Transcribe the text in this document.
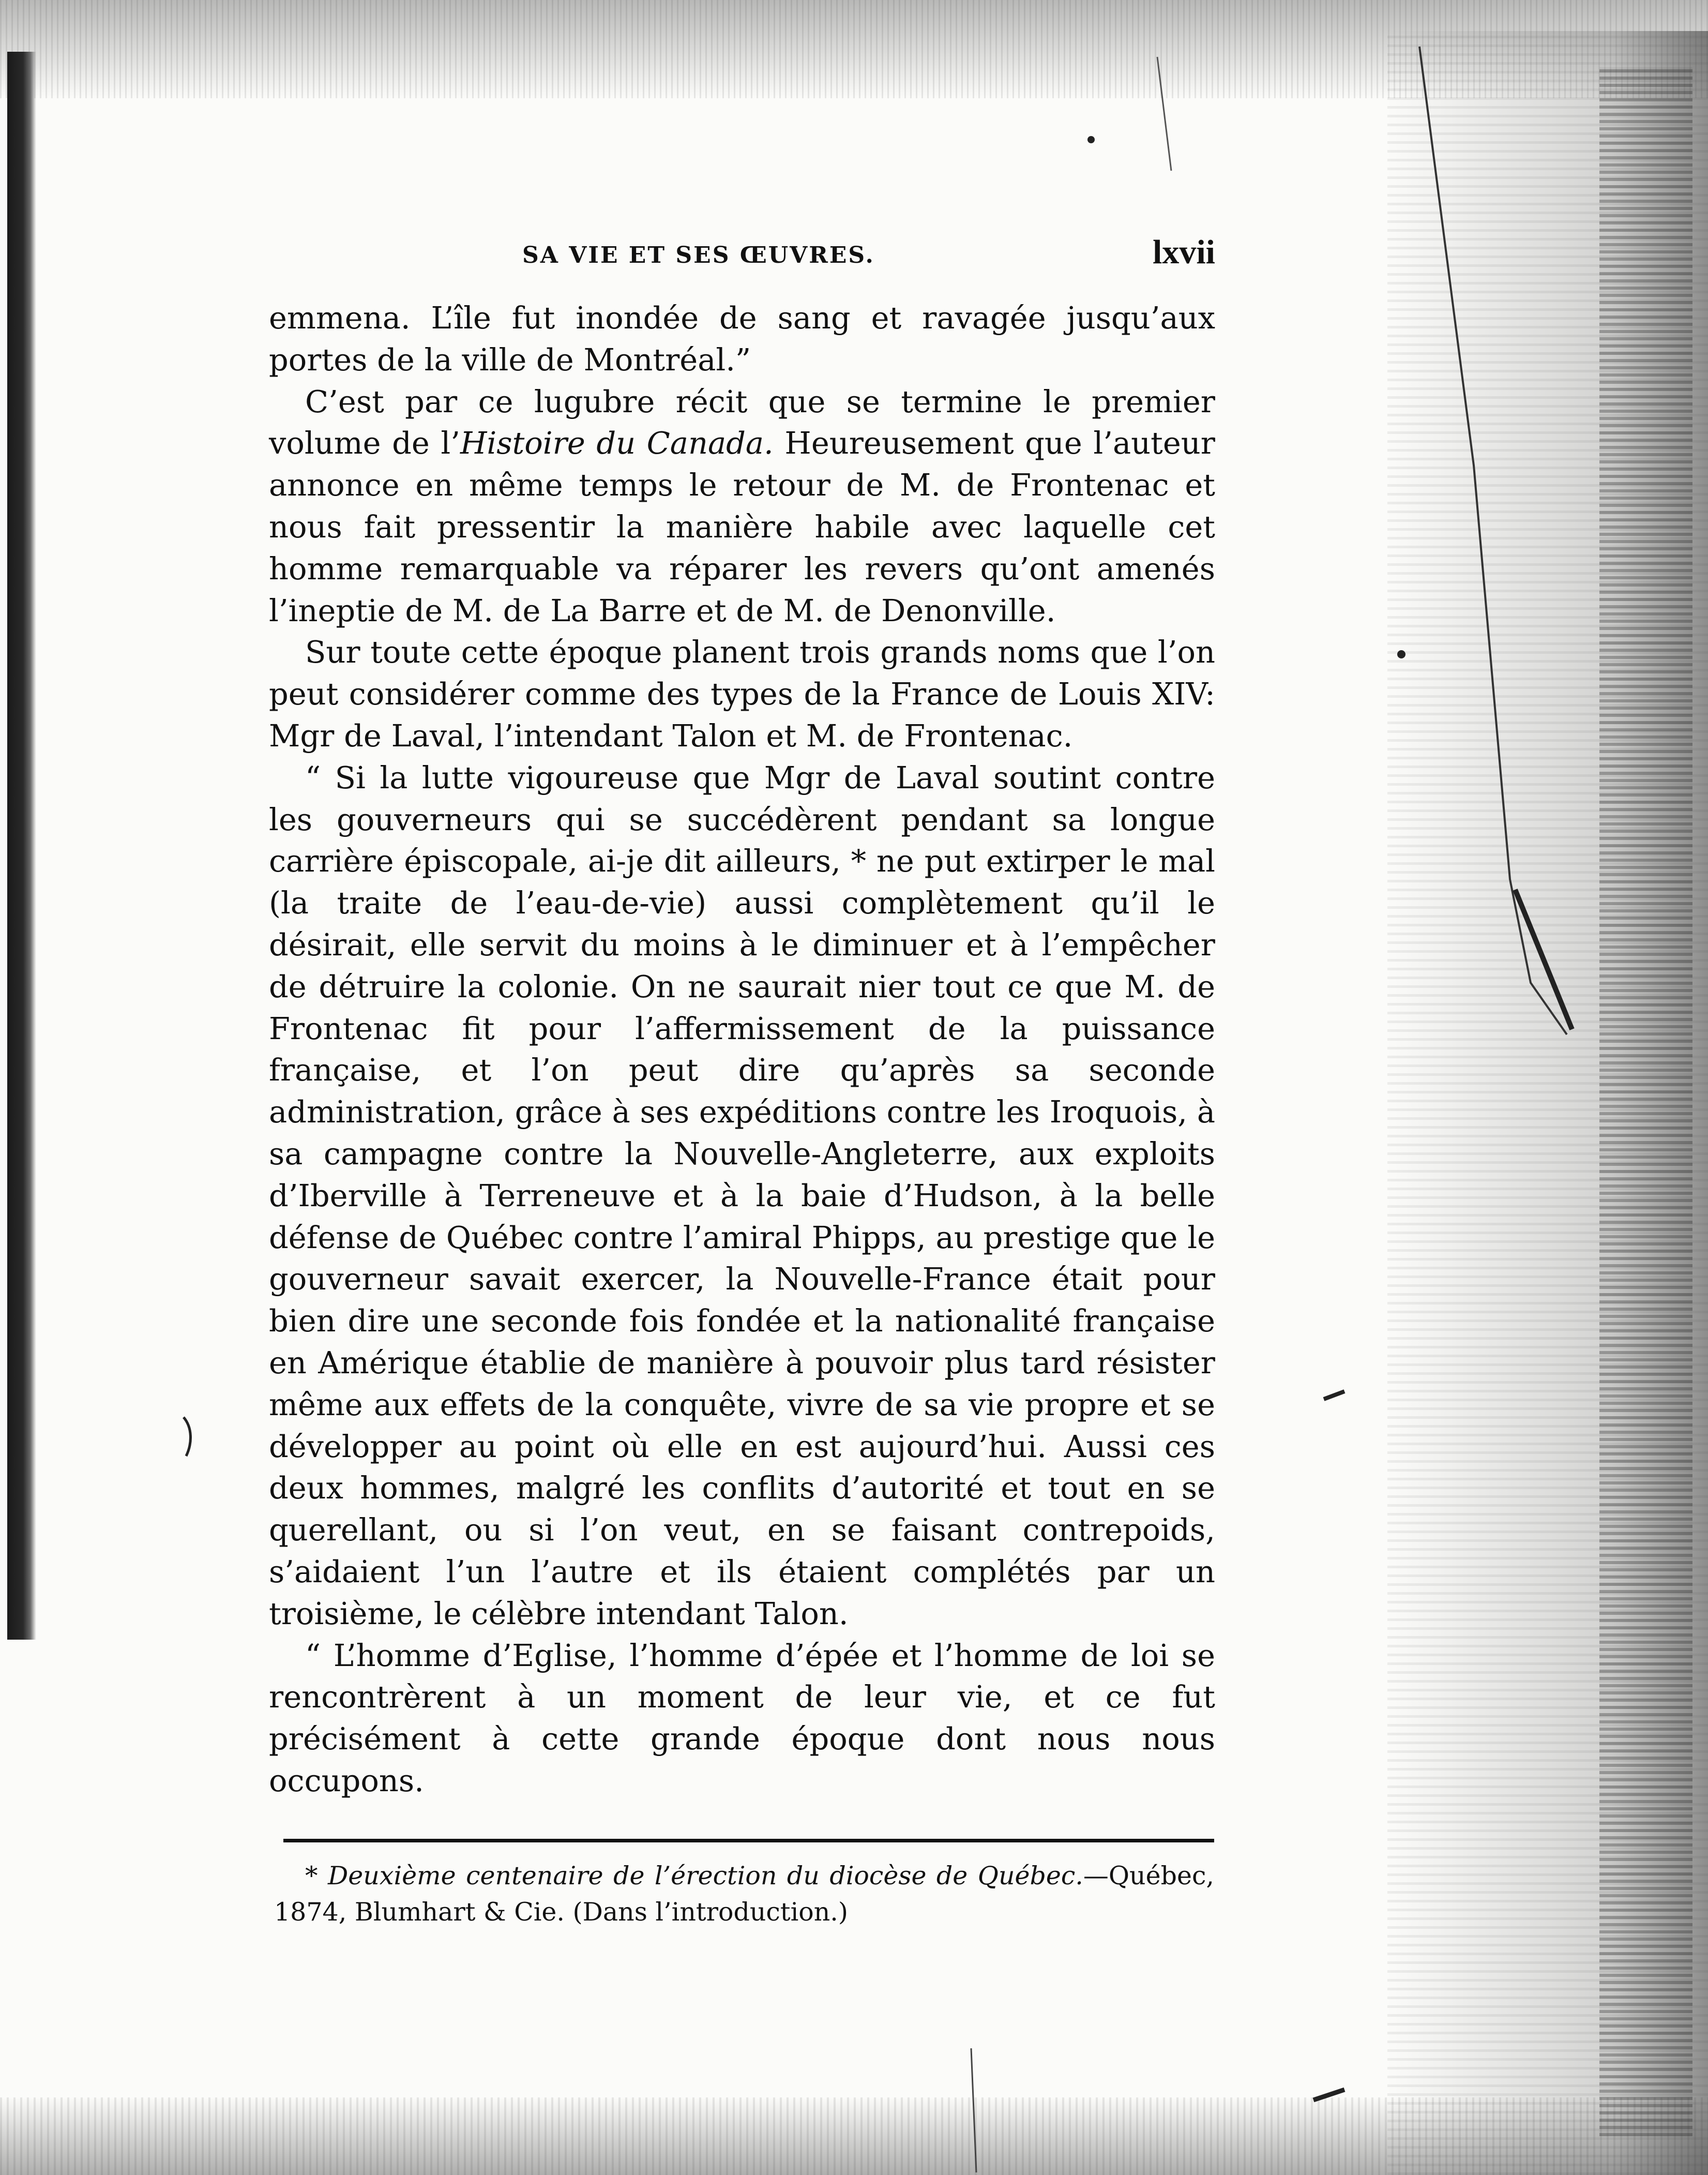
SA VIE ET SES ŒUVRES.	lxvii

emmena. L’île fut inondée de sang et ravagée jusqu’aux portes de la ville de Montréal.”

C’est par ce lugubre récit que se termine le premier volume de l’Histoire du Canada. Heureusement que l’auteur annonce en même temps le retour de M. de Frontenac et nous fait pressentir la manière habile avec laquelle cet homme remarquable va réparer les revers qu’ont amenés l’ineptie de M. de La Barre et de M. de Denonville.

Sur toute cette époque planent trois grands noms que l’on peut considérer comme des types de la France de Louis XIV: Mgr de Laval, l’intendant Talon et M. de Frontenac.

“ Si la lutte vigoureuse que Mgr de Laval soutint contre les gouverneurs qui se succédèrent pendant sa longue carrière épiscopale, ai-je dit ailleurs, * ne put extirper le mal (la traite de l’eau-de-vie) aussi complètement qu’il le désirait, elle servit du moins à le diminuer et à l’empêcher de détruire la colonie. On ne saurait nier tout ce que M. de Frontenac fit pour l’affermissement de la puissance française, et l’on peut dire qu’après sa seconde administration, grâce à ses expéditions contre les Iroquois, à sa campagne contre la Nouvelle-Angleterre, aux exploits d’Iberville à Terreneuve et à la baie d’Hudson, à la belle défense de Québec contre l’amiral Phipps, au prestige que le gouverneur savait exercer, la Nouvelle-France était pour bien dire une seconde fois fondée et la nationalité française en Amérique établie de manière à pouvoir plus tard résister même aux effets de la conquête, vivre de sa vie propre et se développer au point où elle en est aujourd’hui. Aussi ces deux hommes, malgré les conflits d’autorité et tout en se querellant, ou si l’on veut, en se faisant contrepoids, s’aidaient l’un l’autre et ils étaient complétés par un troisième, le célèbre intendant Talon.

“ L’homme d’Eglise, l’homme d’épée et l’homme de loi se rencontrèrent à un moment de leur vie, et ce fut précisément à cette grande époque dont nous nous occupons.

* Deuxième centenaire de l’érection du diocèse de Québec.—Québec, 1874, Blumhart & Cie. (Dans l’introduction.)
